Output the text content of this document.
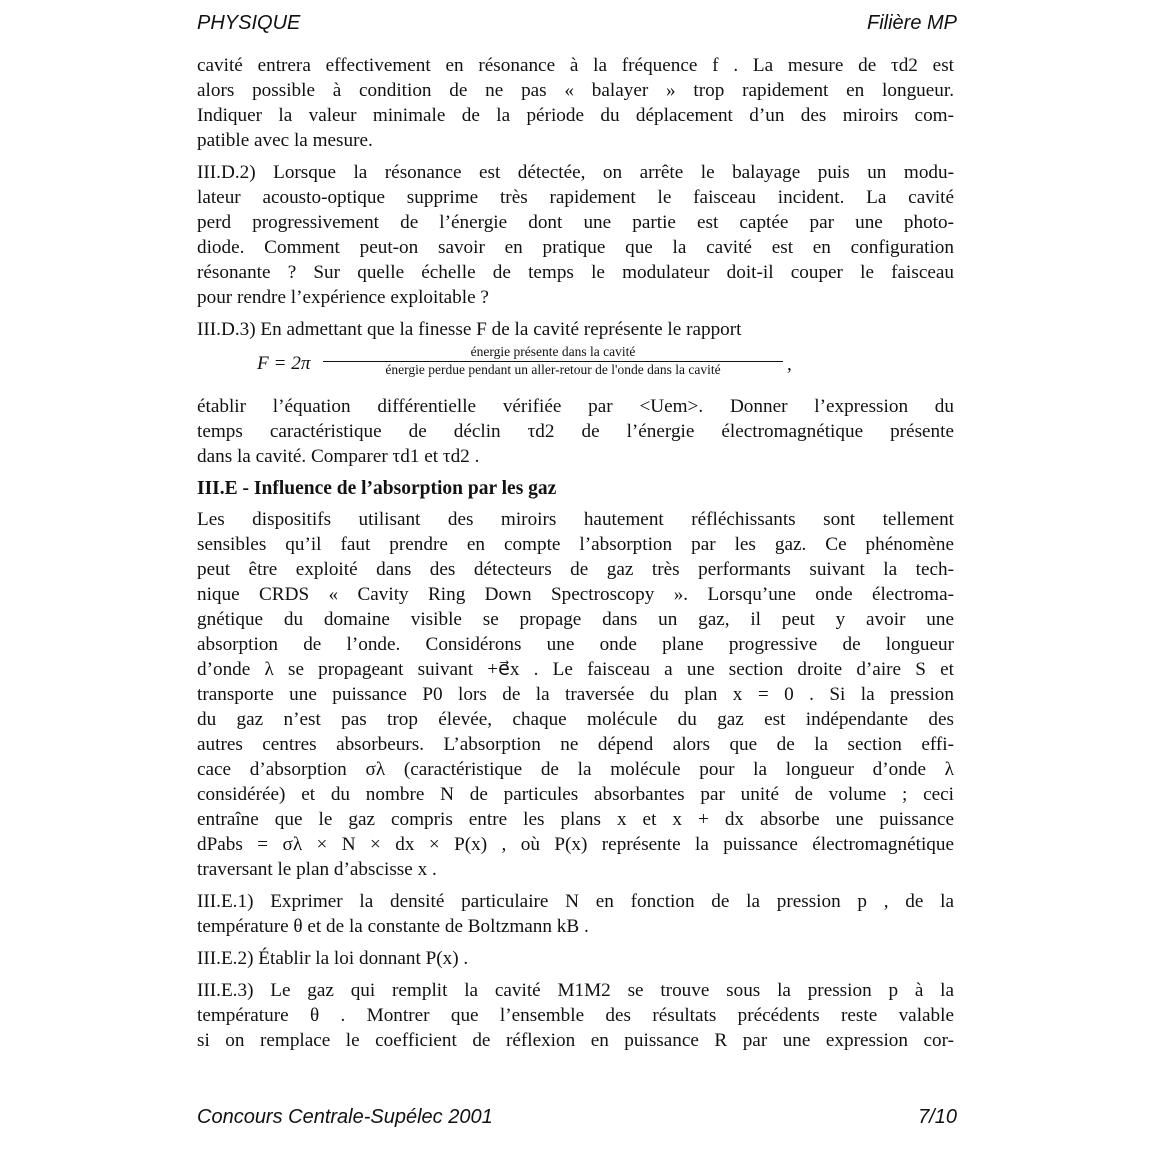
PHYSIQUE	Filière MP

cavité entrera effectivement en résonance à la fréquence f . La mesure de τd2 est
alors possible à condition de ne pas « balayer » trop rapidement en longueur.
Indiquer la valeur minimale de la période du déplacement d’un des miroirs com-
patible avec la mesure.

III.D.2) Lorsque la résonance est détectée, on arrête le balayage puis un modu-
lateur acousto-optique supprime très rapidement le faisceau incident. La cavité
perd progressivement de l’énergie dont une partie est captée par une photo-
diode. Comment peut-on savoir en pratique que la cavité est en configuration
résonante ? Sur quelle échelle de temps le modulateur doit-il couper le faisceau
pour rendre l’expérience exploitable ?

III.D.3) En admettant que la finesse F de la cavité représente le rapport

F = 2π
énergie présente dans la cavité
énergie perdue pendant un aller-retour de l'onde dans la cavité	,

établir l’équation différentielle vérifiée par <Uem>. Donner l’expression du
temps caractéristique de déclin τd2 de l’énergie électromagnétique présente
dans la cavité. Comparer τd1 et τd2 .

III.E - Influence de l’absorption par les gaz

Les dispositifs utilisant des miroirs hautement réfléchissants sont tellement
sensibles qu’il faut prendre en compte l’absorption par les gaz. Ce phénomène
peut être exploité dans des détecteurs de gaz très performants suivant la tech-
nique CRDS « Cavity Ring Down Spectroscopy ». Lorsqu’une onde électroma-
gnétique du domaine visible se propage dans un gaz, il peut y avoir une
absorption de l’onde. Considérons une onde plane progressive de longueur
d’onde λ se propageant suivant +e⃗x . Le faisceau a une section droite d’aire S et
transporte une puissance P0 lors de la traversée du plan x = 0 . Si la pression
du gaz n’est pas trop élevée, chaque molécule du gaz est indépendante des
autres centres absorbeurs. L’absorption ne dépend alors que de la section effi-
cace d’absorption σλ (caractéristique de la molécule pour la longueur d’onde λ
considérée) et du nombre N de particules absorbantes par unité de volume ; ceci
entraîne que le gaz compris entre les plans x et x + dx absorbe une puissance
dPabs = σλ × N × dx × P(x) , où P(x) représente la puissance électromagnétique
traversant le plan d’abscisse x .

III.E.1) Exprimer la densité particulaire N en fonction de la pression p , de la
température θ et de la constante de Boltzmann kB .

III.E.2) Établir la loi donnant P(x) .

III.E.3) Le gaz qui remplit la cavité M1M2 se trouve sous la pression p à la
température θ . Montrer que l’ensemble des résultats précédents reste valable
si on remplace le coefficient de réflexion en puissance R par une expression cor-

Concours Centrale-Supélec 2001	7/10
